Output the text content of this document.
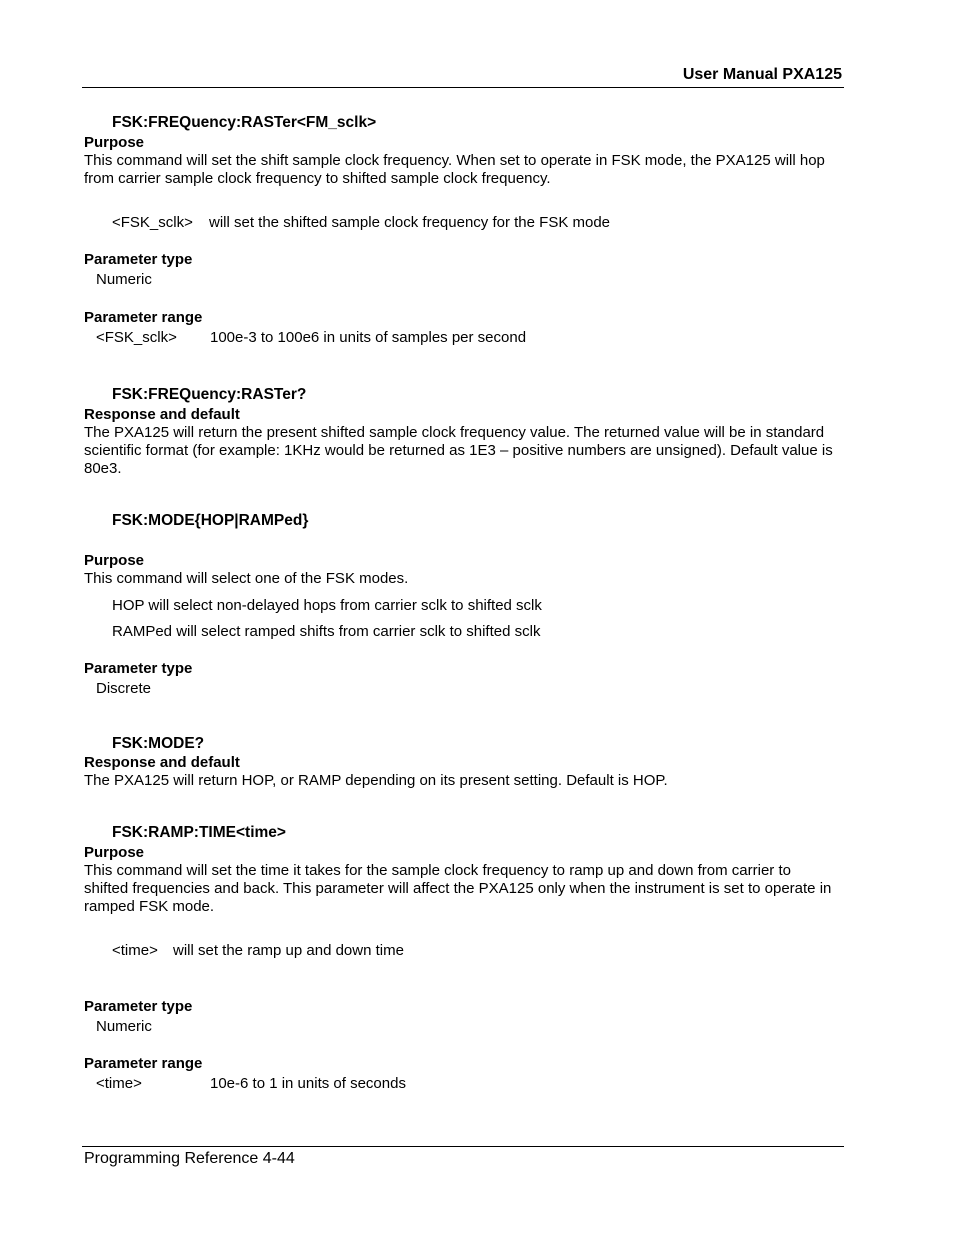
User Manual PXA125
FSK:FREQuency:RASTer<FM_sclk>
Purpose
This command will set the shift sample clock frequency. When set to operate in FSK mode, the PXA125 will hop from carrier sample clock frequency to shifted sample clock frequency.
<FSK_sclk> will set the shifted sample clock frequency for the FSK mode
Parameter type
Numeric
Parameter range
<FSK_sclk> 100e-3 to 100e6 in units of samples per second
FSK:FREQuency:RASTer?
Response and default
The PXA125 will return the present shifted sample clock frequency value. The returned value will be in standard scientific format (for example: 1KHz would be returned as 1E3 – positive numbers are unsigned). Default value is 80e3.
FSK:MODE{HOP|RAMPed}
Purpose
This command will select one of the FSK modes.
HOP will select non-delayed hops from carrier sclk to shifted sclk
RAMPed will select ramped shifts from carrier sclk to shifted sclk
Parameter type
Discrete
FSK:MODE?
Response and default
The PXA125 will return HOP, or RAMP depending on its present setting. Default is HOP.
FSK:RAMP:TIME<time>
Purpose
This command will set the time it takes for the sample clock frequency to ramp up and down from carrier to shifted frequencies and back. This parameter will affect the PXA125 only when the instrument is set to operate in ramped FSK mode.
<time> will set the ramp up and down time
Parameter type
Numeric
Parameter range
<time>	10e-6 to 1 in units of seconds
Programming Reference 4-44
